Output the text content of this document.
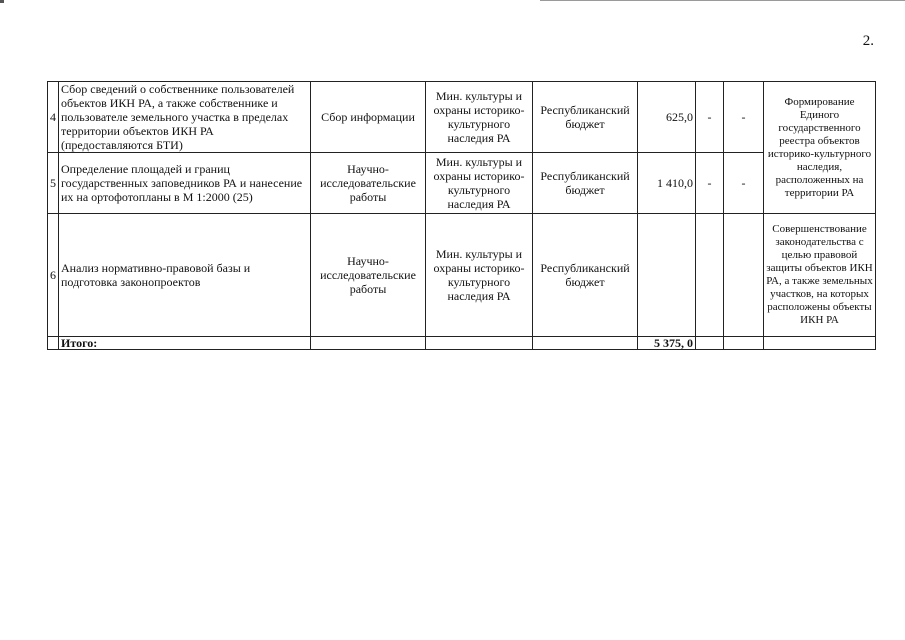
2.
4	Сбор сведений о собственнике пользователей объектов ИКН РА, а также собственнике и пользователе земельного участка в пределах территории объектов ИКН РА (предоставляются БТИ)	Сбор информации	Мин. культуры и охраны историко-культурного наследия РА	Республиканский бюджет	625,0	-	-	Формирование Единого государственного реестра объектов историко-культурного наследия, расположенных на территории РА
5	Определение площадей и границ государственных заповедников РА и нанесение их на ортофотопланы в М 1:2000 (25)	Научно-исследовательские работы	Мин. культуры и охраны историко-культурного наследия РА	Республиканский бюджет	1 410,0	-	-	
6	Анализ нормативно-правовой базы и подготовка законопроектов	Научно-исследовательские работы	Мин. культуры и охраны историко-культурного наследия РА	Республиканский бюджет				Совершенствование законодательства с целью правовой защиты объектов ИКН РА, а также земельных участков, на которых расположены объекты ИКН РА
	Итого:				5 375, 0			
